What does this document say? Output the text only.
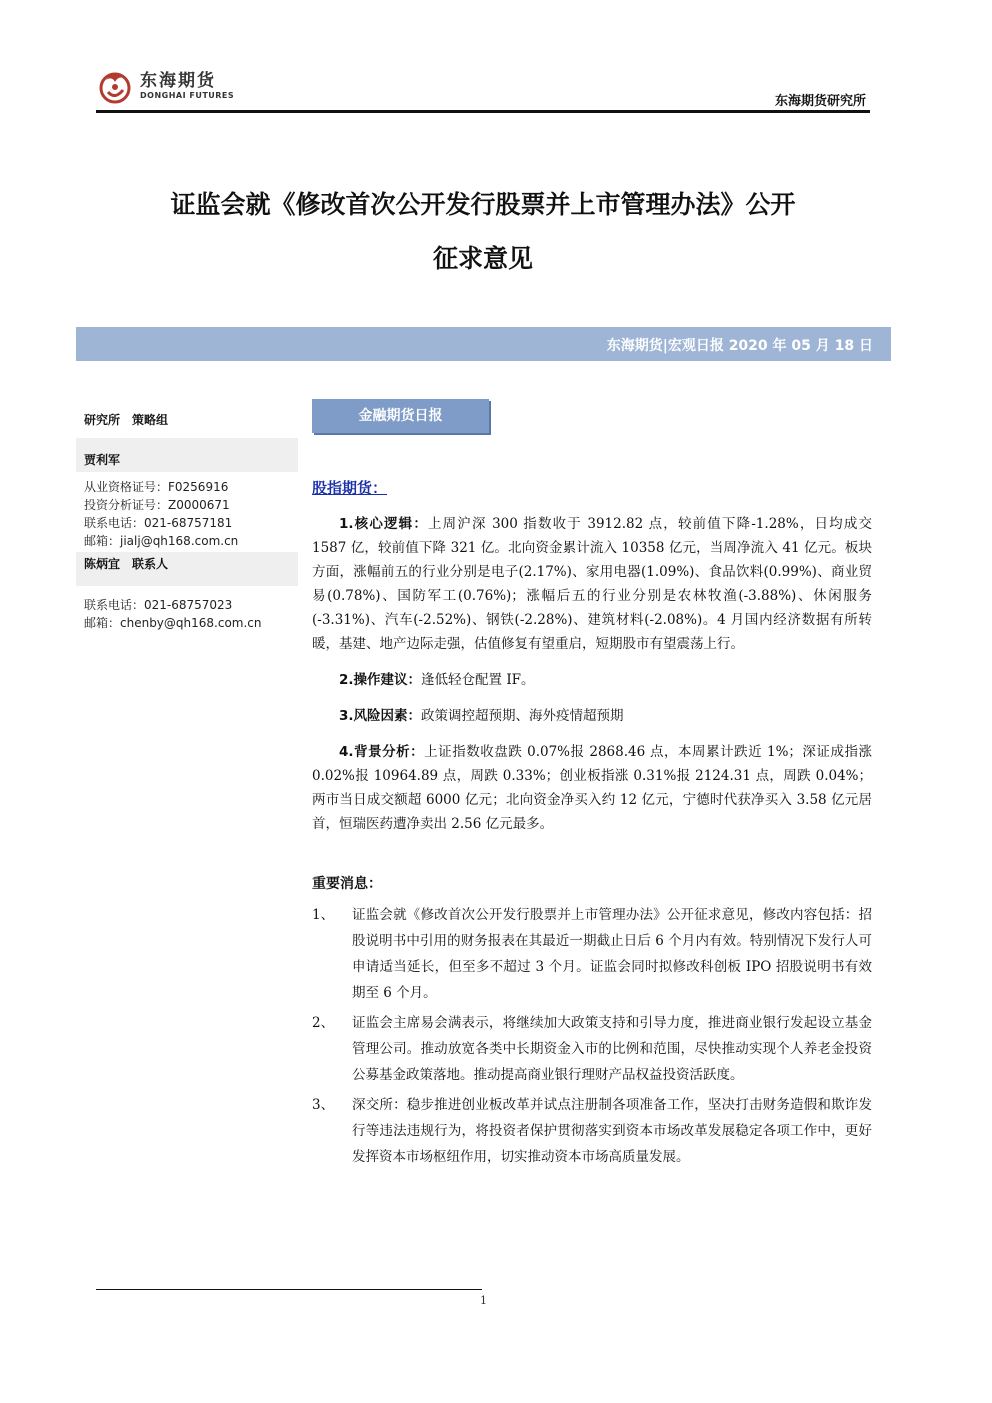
东海期货
DONGHAI FUTURES	东海期货研究所
证监会就《修改首次公开发行股票并上市管理办法》公开
征求意见
东海期货|宏观日报 2020 年 05 月 18 日
研究所　策略组
贾利军
从业资格证号：F0256916
投资分析证号：Z0000671
联系电话：021-68757181
邮箱：jialj@qh168.com.cn
陈炳宜　联系人
联系电话：021-68757023
邮箱：chenby@qh168.com.cn
金融期货日报
股指期货：

1.核心逻辑：上周沪深 300 指数收于 3912.82 点，较前值下降-1.28%，日均成交 1587 亿，较前值下降 321 亿。北向资金累计流入 10358 亿元，当周净流入 41 亿元。板块方面，涨幅前五的行业分别是电子(2.17%)、家用电器(1.09%)、食品饮料(0.99%)、商业贸易(0.78%)、国防军工(0.76%)；涨幅后五的行业分别是农林牧渔(-3.88%)、休闲服务(-3.31%)、汽车(-2.52%)、钢铁(-2.28%)、建筑材料(-2.08%)。4 月国内经济数据有所转暖，基建、地产边际走强，估值修复有望重启，短期股市有望震荡上行。

2.操作建议：逢低轻仓配置 IF。

3.风险因素：政策调控超预期、海外疫情超预期

4.背景分析：上证指数收盘跌 0.07%报 2868.46 点，本周累计跌近 1%；深证成指涨 0.02%报 10964.89 点，周跌 0.33%；创业板指涨 0.31%报 2124.31 点，周跌 0.04%；两市当日成交额超 6000 亿元；北向资金净买入约 12 亿元，宁德时代获净买入 3.58 亿元居首，恒瑞医药遭净卖出 2.56 亿元最多。

重要消息：
1、	证监会就《修改首次公开发行股票并上市管理办法》公开征求意见，修改内容包括：招股说明书中引用的财务报表在其最近一期截止日后 6 个月内有效。特别情况下发行人可申请适当延长，但至多不超过 3 个月。证监会同时拟修改科创板 IPO 招股说明书有效期至 6 个月。
2、	证监会主席易会满表示，将继续加大政策支持和引导力度，推进商业银行发起设立基金管理公司。推动放宽各类中长期资金入市的比例和范围，尽快推动实现个人养老金投资公募基金政策落地。推动提高商业银行理财产品权益投资活跃度。
3、	深交所：稳步推进创业板改革并试点注册制各项准备工作，坚决打击财务造假和欺诈发行等违法违规行为，将投资者保护贯彻落实到资本市场改革发展稳定各项工作中，更好发挥资本市场枢纽作用，切实推动资本市场高质量发展。
1
